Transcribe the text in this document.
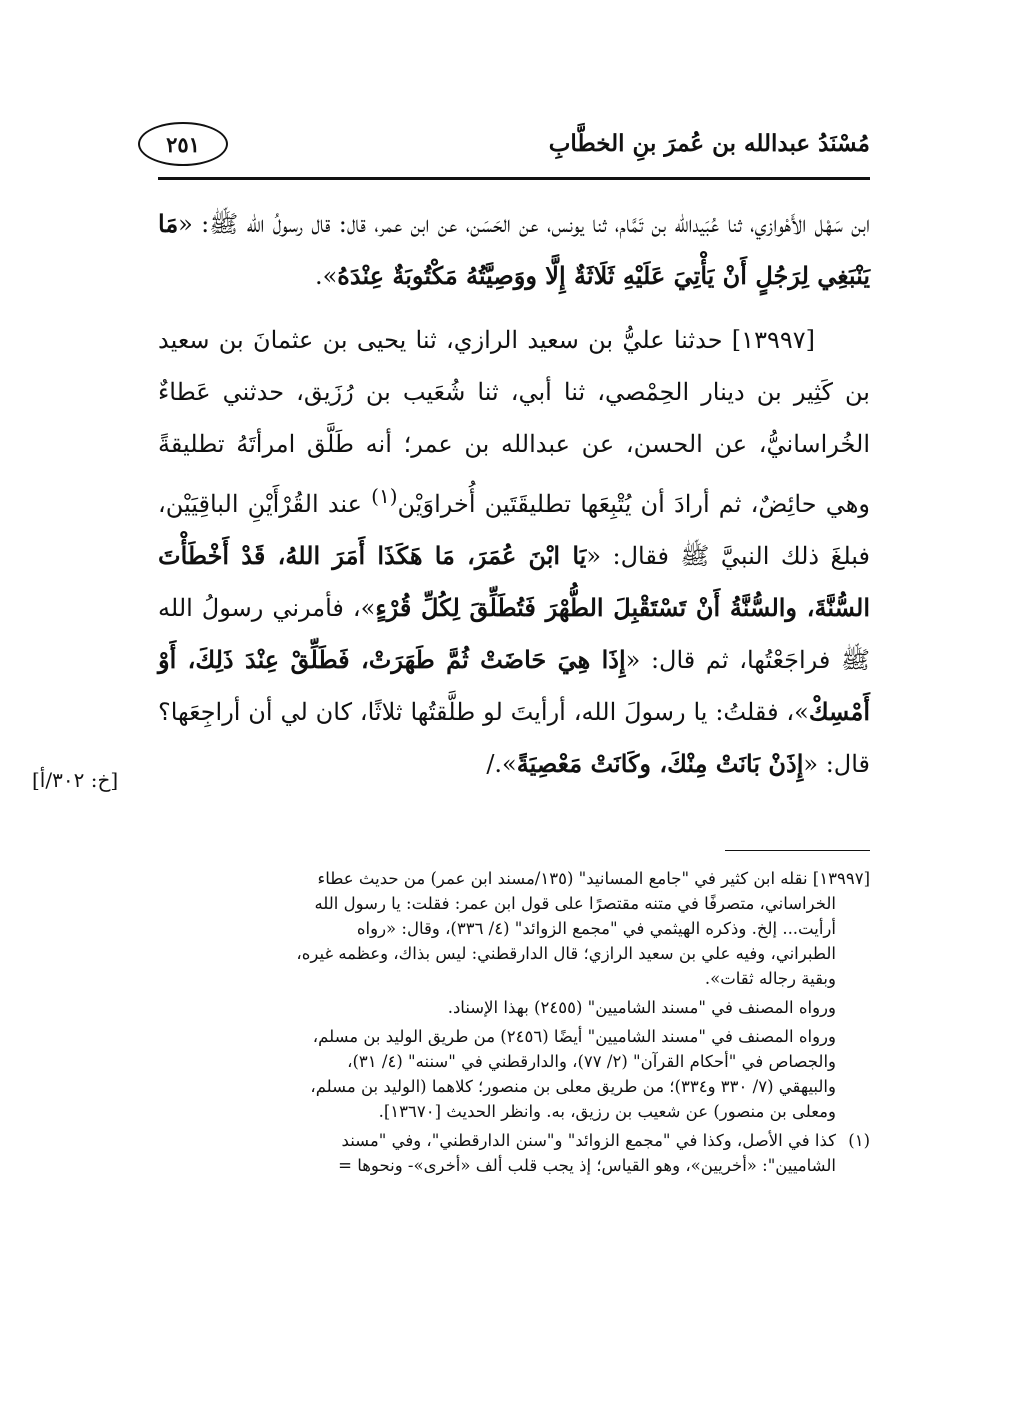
مُسْنَدُ عبدالله بن عُمرَ بنِ الخطَّابِ
٢٥١

ابن سَهْل الأَهْوازي، ثنا عُبَيدالله بن تَمَّام، ثنا يونس، عن الحَسَن، عن ابن عمر، قال: قال رسولُ الله ﷺ: «مَا يَنْبَغِي لِرَجُلٍ أَنْ يَأْتِيَ عَلَيْهِ ثَلَاثَةٌ إِلَّا ووَصِيَّتُهُ مَكْتُوبَةٌ عِنْدَهُ».

[١٣٩٩٧] حدثنا عليُّ بن سعيد الرازي، ثنا يحيى بن عثمانَ بن سعيد بن كَثِير بن دينار الحِمْصي، ثنا أبي، ثنا شُعَيب بن رُزَيق، حدثني عَطاءٌ الخُراسانيُّ، عن الحسن، عن عبدالله بن عمر؛ أنه طَلَّق امرأتَهُ تطليقةً وهي حائِضٌ، ثم أرادَ أن يُتْبِعَها تطليقَتَين أُخراوَيْن$^{(١)}$ عند القُرْأَيْنِ الباقِيَيْن، فبلغَ ذلك النبيَّ ﷺ فقال: «يَا ابْنَ عُمَرَ، مَا هَكَذَا أَمَرَ اللهُ، قَدْ أَخْطَأْتَ السُّنَّةَ، والسُّنَّةُ أَنْ تَسْتَقْبِلَ الطُّهْرَ فَتُطَلِّقَ لِكُلِّ قُرْءٍ»، فأمرني رسولُ الله ﷺ فراجَعْتُها، ثم قال: «إِذَا هِيَ حَاضَتْ ثُمَّ طَهَرَتْ، فَطَلِّقْ عِنْدَ ذَلِكَ، أَوْ أَمْسِكْ»، فقلتُ: يا رسولَ الله، أرأيتَ لو طلَّقتُها ثلاثًا، كان لي أن أراجِعَها؟ قال: «إِذَنْ بَانَتْ مِنْكَ، وكَانَتْ مَعْصِيَةً»./

[خ: ٣٠٢/أ]

[١٣٩٩٧] نقله ابن كثير في "جامع المسانيد" (١٣٥/مسند ابن عمر) من حديث عطاء

الخراساني، متصرفًا في متنه مقتصرًا على قول ابن عمر: فقلت: يا رسول الله

أرأيت... إلخ. وذكره الهيثمي في "مجمع الزوائد" (٤/ ٣٣٦)، وقال: «رواه

الطبراني، وفيه علي بن سعيد الرازي؛ قال الدارقطني: ليس بذاك، وعظمه غيره،

وبقية رجاله ثقات».

ورواه المصنف في "مسند الشاميين" (٢٤٥٥) بهذا الإسناد.

ورواه المصنف في "مسند الشاميين" أيضًا (٢٤٥٦) من طريق الوليد بن مسلم،

والجصاص في "أحكام القرآن" (٢/ ٧٧)، والدارقطني في "سننه" (٤/ ٣١)،

والبيهقي (٧/ ٣٣٠ و٣٣٤)؛ من طريق معلى بن منصور؛ كلاهما (الوليد بن مسلم،

ومعلى بن منصور) عن شعيب بن رزيق، به. وانظر الحديث [١٣٦٧٠].

(١)

كذا في الأصل، وكذا في "مجمع الزوائد" و"سنن الدارقطني"، وفي "مسند

الشاميين": «أخريين»، وهو القياس؛ إذ يجب قلب ألف «أخرى»- ونحوها =
